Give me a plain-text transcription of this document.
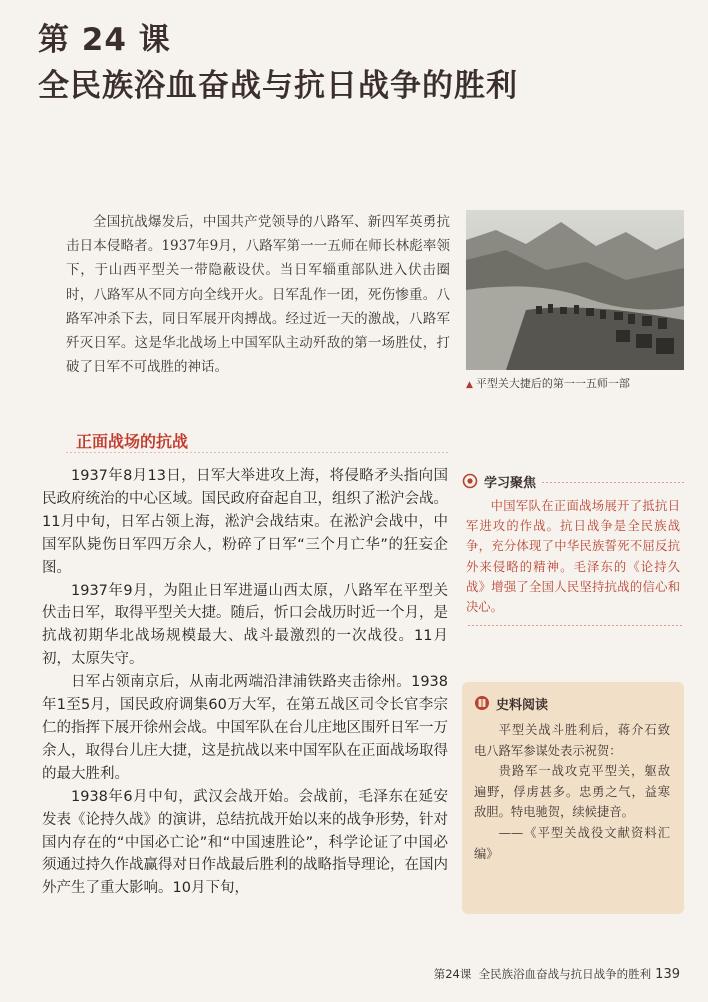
第 24 课
全民族浴血奋战与抗日战争的胜利

全国抗战爆发后，中国共产党领导的八路军、新四军英勇抗击日本侵略者。1937年9月，八路军第一一五师在师长林彪率领下，于山西平型关一带隐蔽设伏。当日军辎重部队进入伏击圈时，八路军从不同方向全线开火。日军乱作一团，死伤惨重。八路军冲杀下去，同日军展开肉搏战。经过近一天的激战，八路军歼灭日军。这是华北战场上中国军队主动歼敌的第一场胜仗，打破了日军不可战胜的神话。

▲ 平型关大捷后的第一一五师一部
正面战场的抗战

1937年8月13日，日军大举进攻上海，将侵略矛头指向国民政府统治的中心区域。国民政府奋起自卫，组织了淞沪会战。11月中旬，日军占领上海，淞沪会战结束。在淞沪会战中，中国军队毙伤日军四万余人，粉碎了日军“三个月亡华”的狂妄企图。

1937年9月，为阻止日军进逼山西太原，八路军在平型关伏击日军，取得平型关大捷。随后，忻口会战历时近一个月，是抗战初期华北战场规模最大、战斗最激烈的一次战役。11月初，太原失守。

日军占领南京后，从南北两端沿津浦铁路夹击徐州。1938年1至5月，国民政府调集60万大军，在第五战区司令长官李宗仁的指挥下展开徐州会战。中国军队在台儿庄地区围歼日军一万余人，取得台儿庄大捷，这是抗战以来中国军队在正面战场取得的最大胜利。

1938年6月中旬，武汉会战开始。会战前，毛泽东在延安发表《论持久战》的演讲，总结抗战开始以来的战争形势，针对国内存在的“中国必亡论”和“中国速胜论”，科学论证了中国必须通过持久作战赢得对日作战最后胜利的战略指导理论，在国内外产生了重大影响。10月下旬，

学习聚焦
中国军队在正面战场展开了抵抗日军进攻的作战。抗日战争是全民族战争，充分体现了中华民族誓死不屈反抗外来侵略的精神。毛泽东的《论持久战》增强了全国人民坚持抗战的信心和决心。
史料阅读

平型关战斗胜利后，蒋介石致电八路军参谋处表示祝贺：

贵路军一战攻克平型关，躯敌遍野，俘虏甚多。忠勇之气，益寒敌胆。特电驰贺，续候捷音。

——《平型关战役文献资料汇编》

第24课 全民族浴血奋战与抗日战争的胜利 139
